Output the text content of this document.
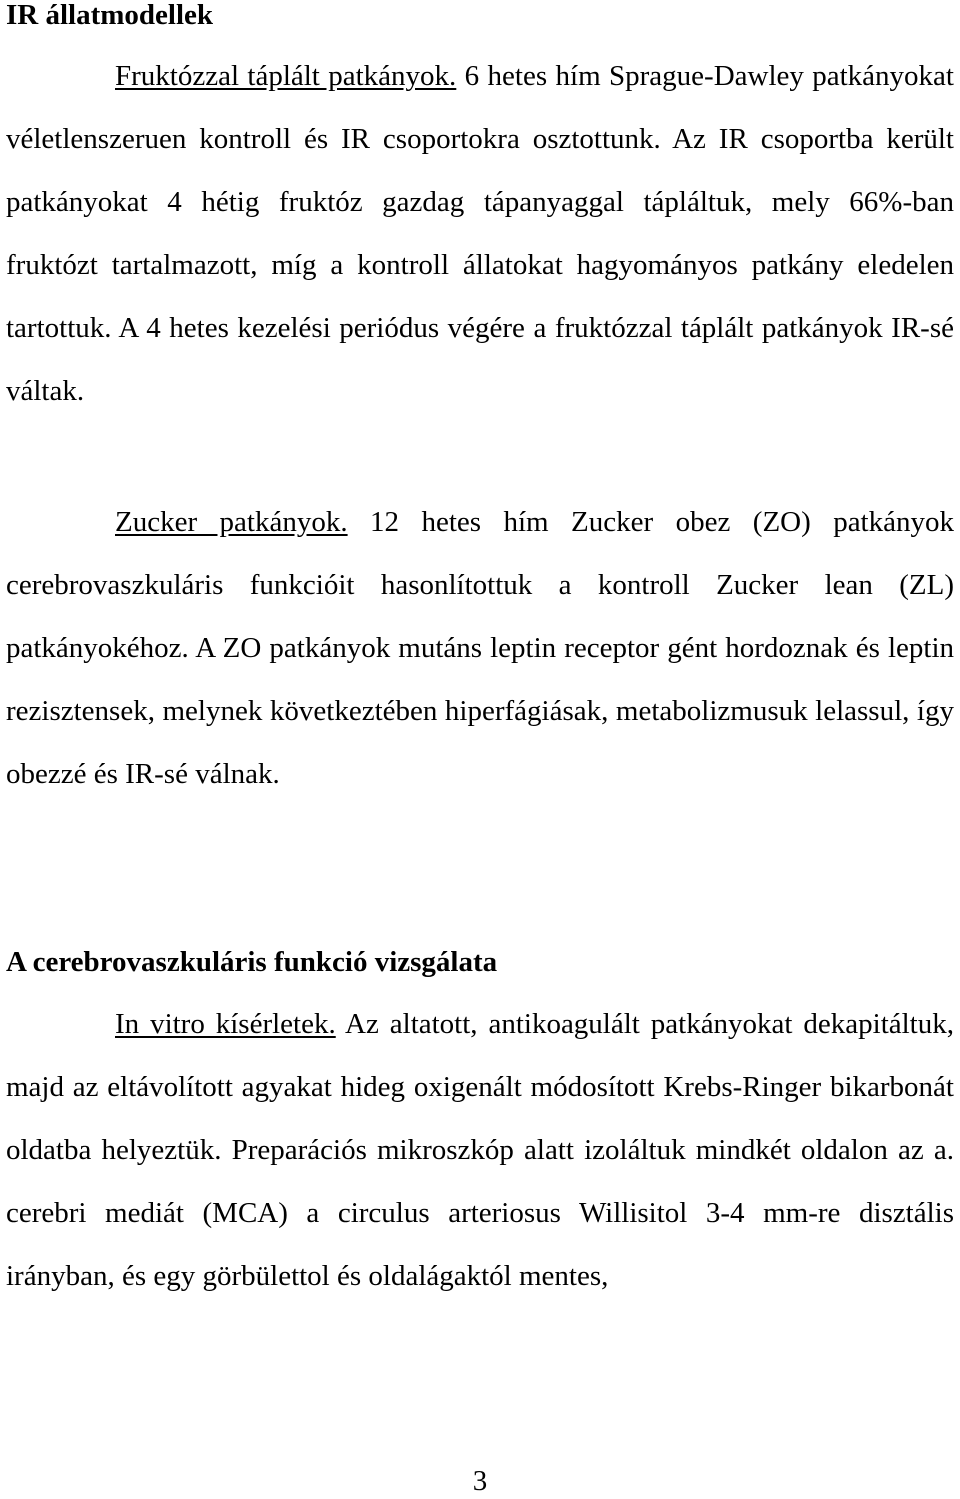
IR állatmodellek

Fruktózzal táplált patkányok. 6 hetes hím Sprague-Dawley patkányokat véletlenszeruen kontroll és IR csoportokra osztottunk. Az IR csoportba került patkányokat 4 hétig fruktóz gazdag tápanyaggal tápláltuk, mely 66%-ban fruktózt tartalmazott, míg a kontroll állatokat hagyományos patkány eledelen tartottuk. A 4 hetes kezelési periódus végére a fruktózzal táplált patkányok IR-sé váltak.

Zucker patkányok. 12 hetes hím Zucker obez (ZO) patkányok cerebrovaszkuláris funkcióit hasonlítottuk a kontroll Zucker lean (ZL) patkányokéhoz. A ZO patkányok mutáns leptin receptor gént hordoznak és leptin rezisztensek, melynek következtében hiperfágiásak, metabolizmusuk lelassul, így obezzé és IR-sé válnak.

A cerebrovaszkuláris funkció vizsgálata

In vitro kísérletek. Az altatott, antikoagulált patkányokat dekapitáltuk, majd az eltávolított agyakat hideg oxigenált módosított Krebs-Ringer bikarbonát oldatba helyeztük. Preparációs mikroszkóp alatt izoláltuk mindkét oldalon az a. cerebri mediát (MCA) a circulus arteriosus Willisitol 3-4 mm-re disztális irányban, és egy görbülettol és oldalágaktól mentes,

3
